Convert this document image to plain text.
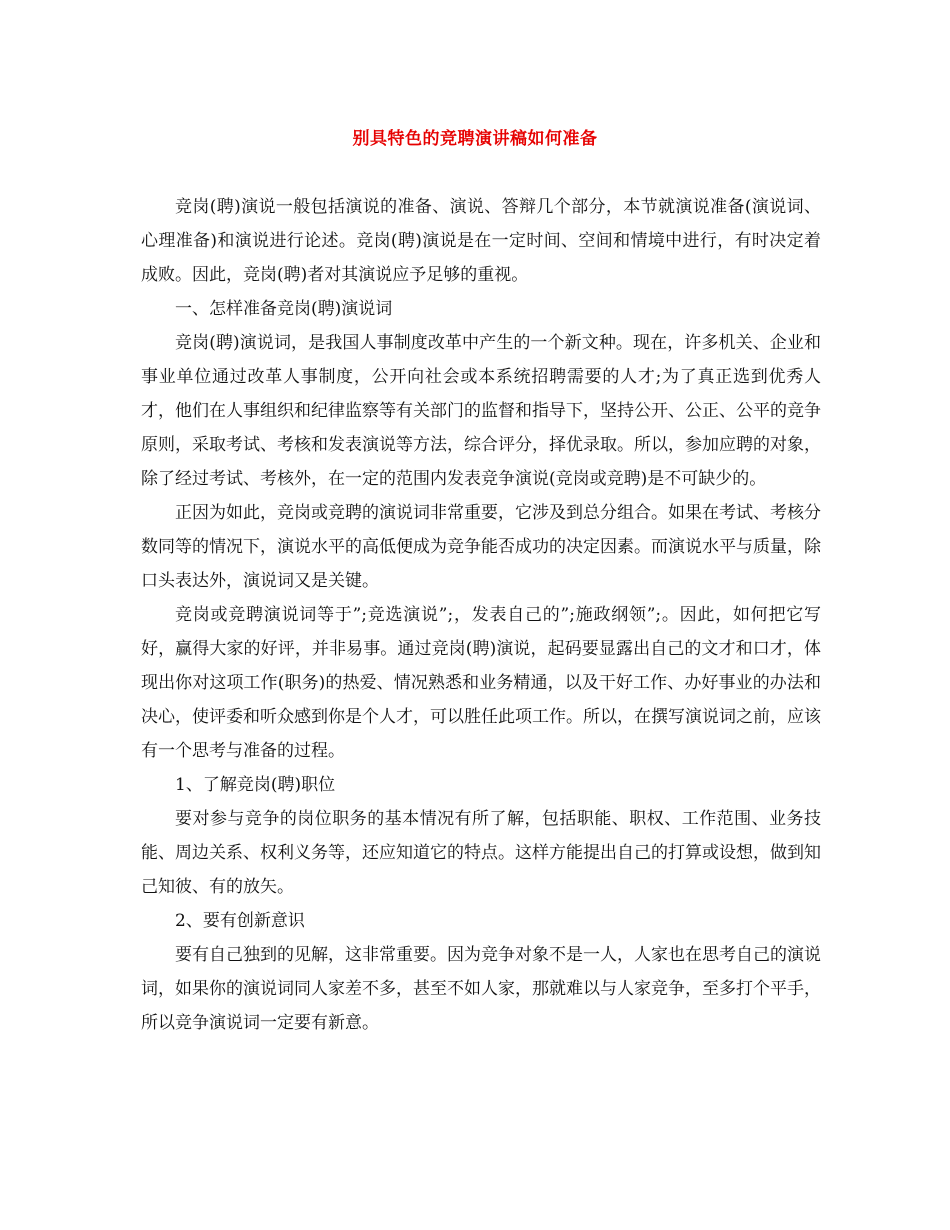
别具特色的竞聘演讲稿如何准备

竞岗(聘)演说一般包括演说的准备、演说、答辩几个部分，本节就演说准备(演说词、心理准备)和演说进行论述。竞岗(聘)演说是在一定时间、空间和情境中进行，有时决定着成败。因此，竞岗(聘)者对其演说应予足够的重视。

一、怎样准备竞岗(聘)演说词

竞岗(聘)演说词，是我国人事制度改革中产生的一个新文种。现在，许多机关、企业和事业单位通过改革人事制度，公开向社会或本系统招聘需要的人才;为了真正选到优秀人才，他们在人事组织和纪律监察等有关部门的监督和指导下，坚持公开、公正、公平的竞争原则，采取考试、考核和发表演说等方法，综合评分，择优录取。所以，参加应聘的对象，除了经过考试、考核外，在一定的范围内发表竞争演说(竞岗或竞聘)是不可缺少的。

正因为如此，竞岗或竞聘的演说词非常重要，它涉及到总分组合。如果在考试、考核分数同等的情况下，演说水平的高低便成为竞争能否成功的决定因素。而演说水平与质量，除口头表达外，演说词又是关键。

竞岗或竞聘演说词等于”;竞选演说”;，发表自己的”;施政纲领”;。因此，如何把它写好，赢得大家的好评，并非易事。通过竞岗(聘)演说，起码要显露出自己的文才和口才，体现出你对这项工作(职务)的热爱、情况熟悉和业务精通，以及干好工作、办好事业的办法和决心，使评委和听众感到你是个人才，可以胜任此项工作。所以，在撰写演说词之前，应该有一个思考与准备的过程。

1、了解竞岗(聘)职位

要对参与竞争的岗位职务的基本情况有所了解，包括职能、职权、工作范围、业务技能、周边关系、权利义务等，还应知道它的特点。这样方能提出自己的打算或设想，做到知己知彼、有的放矢。

2、要有创新意识

要有自己独到的见解，这非常重要。因为竞争对象不是一人，人家也在思考自己的演说词，如果你的演说词同人家差不多，甚至不如人家，那就难以与人家竞争，至多打个平手，所以竞争演说词一定要有新意。
